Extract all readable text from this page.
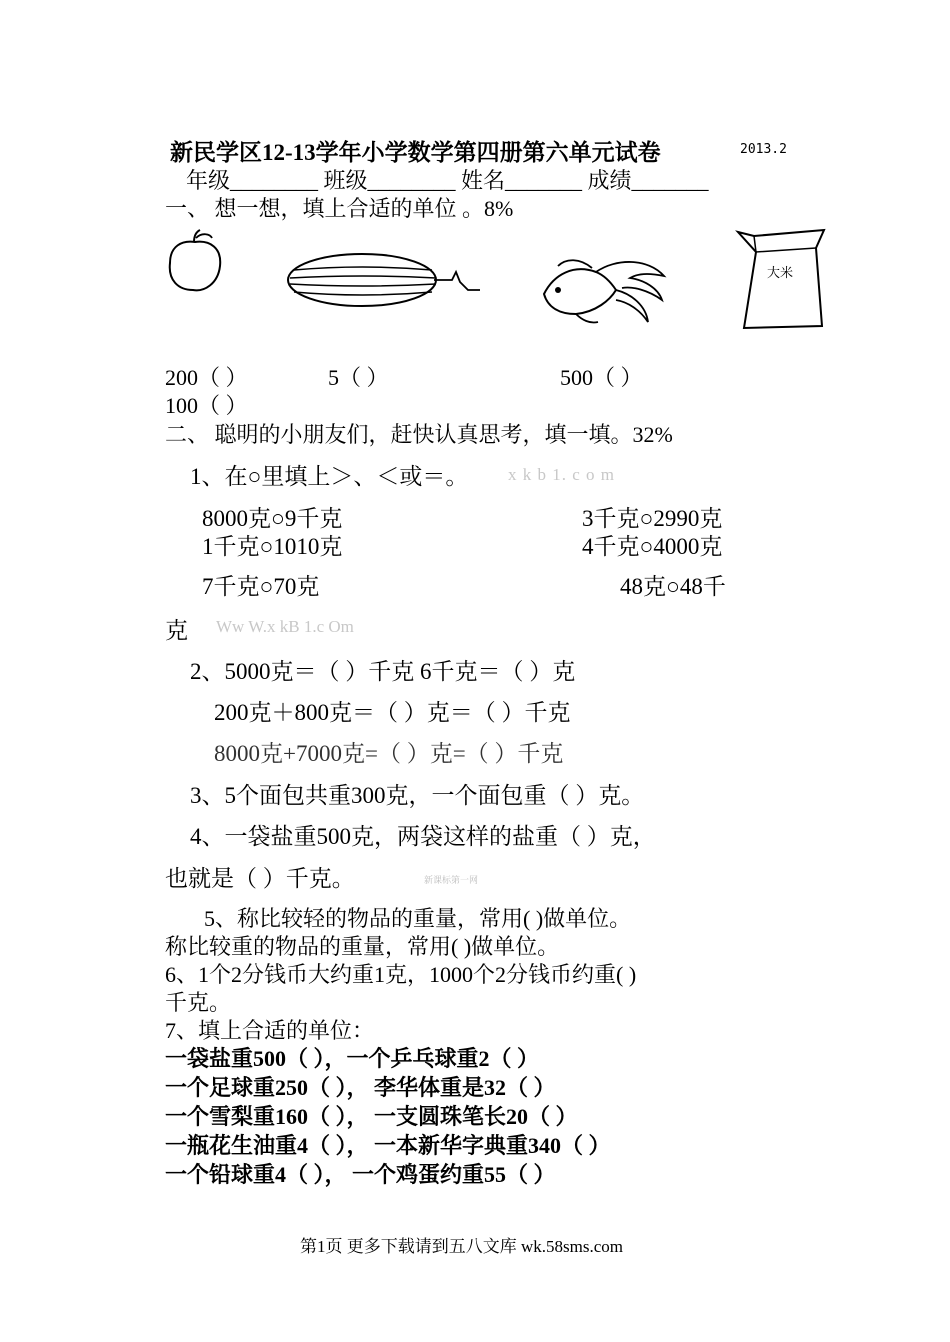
新民学区12-13学年小学数学第四册第六单元试卷	2013.2
年级________ 班级________ 姓名_______ 成绩_______
一、 想一想，填上合适的单位 。8%
大米
200（ ）	5（ ）	500（ ）
100（ ）
二、 聪明的小朋友们，赶快认真思考，填一填。32%
1、在○里填上＞、＜或＝。 x k b 1. c o m
8000克○9千克	3千克○2990克
1千克○1010克	4千克○4000克
7千克○70克	48克○48千
克 Ww W.x kB 1.c Om
2、5000克＝（ ）千克 6千克＝（ ）克
200克＋800克＝（ ）克＝（ ）千克
8000克+7000克=（ ）克=（ ）千克
3、5个面包共重300克，一个面包重（ ）克。
4、一袋盐重500克，两袋这样的盐重（ ）克，
也就是（ ）千克。	新课标第一网
5、称比较轻的物品的重量，常用( )做单位。
称比较重的物品的重量，常用( )做单位。
6、1个2分钱币大约重1克，1000个2分钱币约重( )
千克。
7、填上合适的单位：
一袋盐重500（ ），一个乒乓球重2（ ）
一个足球重250（ ）， 李华体重是32（ ）
一个雪梨重160（ ）， 一支圆珠笔长20（ ）
一瓶花生油重4（ ）， 一本新华字典重340（ ）
一个铅球重4（ ）， 一个鸡蛋约重55（ ）
第1页 更多下载请到五八文库 wk.58sms.com
